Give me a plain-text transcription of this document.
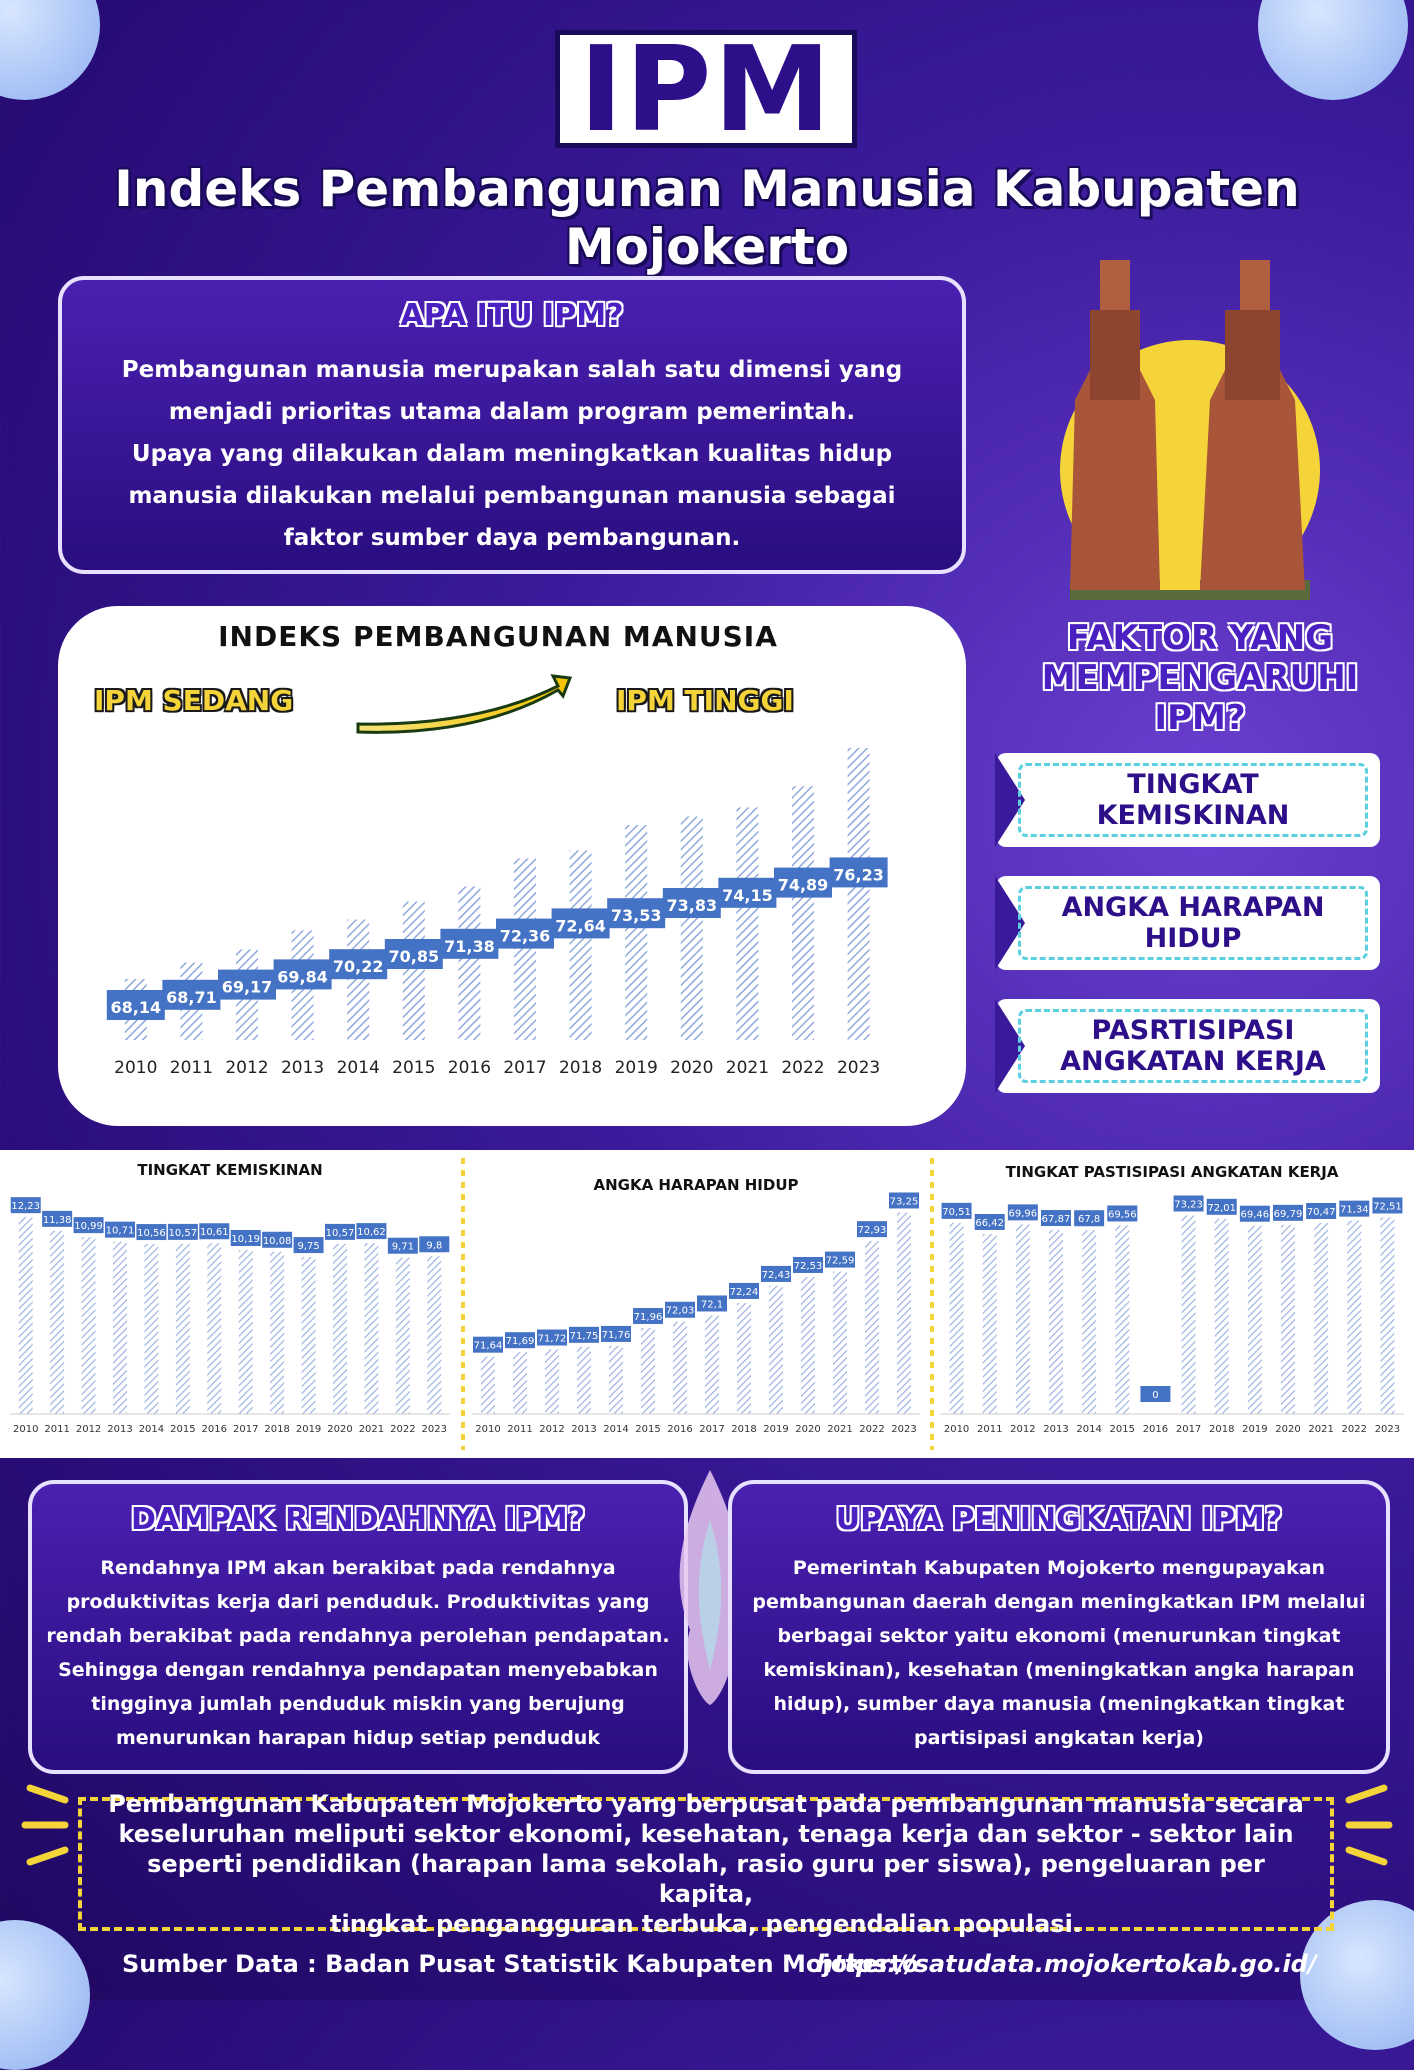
IPM
Indeks Pembangunan Manusia Kabupaten Mojokerto
APA ITU IPM?

Pembangunan manusia merupakan salah satu dimensi yang

menjadi prioritas utama dalam program pemerintah.

Upaya yang dilakukan dalam meningkatkan kualitas hidup

manusia dilakukan melalui pembangunan manusia sebagai

faktor sumber daya pembangunan.

FAKTOR YANG
MEMPENGARUHI
IPM?
TINGKAT
KEMISKINAN
ANGKA HARAPAN
HIDUP
PASRTISIPASI
ANGKATAN KERJA
INDEKS PEMBANGUNAN MANUSIA
68,14
2010
68,71
2011
69,17
2012
69,84
2013
70,22
2014
70,85
2015
71,38
2016
72,36
2017
72,64
2018
73,53
2019
73,83
2020
74,15
2021
74,89
2022
76,23
2023
IPM SEDANG	IPM TINGGI
TINGKAT KEMISKINAN
12,23
2010
11,38
2011
10,99
2012
10,71
2013
10,56
2014
10,57
2015
10,61
2016
10,19
2017
10,08
2018
9,75
2019
10,57
2020
10,62
2021
9,71
2022
9,8
2023
ANGKA HARAPAN HIDUP
71,64
2010
71,69
2011
71,72
2012
71,75
2013
71,76
2014
71,96
2015
72,03
2016
72,1
2017
72,24
2018
72,43
2019
72,53
2020
72,59
2021
72,93
2022
73,25
2023
TINGKAT PASTISIPASI ANGKATAN KERJA
70,51
2010
66,42
2011
69,96
2012
67,87
2013
67,8
2014
69,56
2015
0
2016
73,23
2017
72,01
2018
69,46
2019
69,79
2020
70,47
2021
71,34
2022
72,51
2023
DAMPAK RENDAHNYA IPM?

Rendahnya IPM akan berakibat pada rendahnya

produktivitas kerja dari penduduk. Produktivitas yang

rendah berakibat pada rendahnya perolehan pendapatan.

Sehingga dengan rendahnya pendapatan menyebabkan

tingginya jumlah penduduk miskin yang berujung

menurunkan harapan hidup setiap penduduk

UPAYA PENINGKATAN IPM?

Pemerintah Kabupaten Mojokerto mengupayakan

pembangunan daerah dengan meningkatkan IPM melalui

berbagai sektor yaitu ekonomi (menurunkan tingkat

kemiskinan), kesehatan (meningkatkan angka harapan

hidup), sumber daya manusia (meningkatkan tingkat

partisipasi angkatan kerja)

Pembangunan Kabupaten Mojokerto yang berpusat pada pembangunan manusia secara
keseluruhan meliputi sektor ekonomi, kesehatan, tenaga kerja dan sektor - sektor lain
seperti pendidikan (harapan lama sekolah, rasio guru per siswa), pengeluaran per kapita,
tingkat pengangguran terbuka, pengendalian populasi.
Sumber Data : Badan Pusat Statistik Kabupaten Mojokerto
https://satudata.mojokertokab.go.id/
